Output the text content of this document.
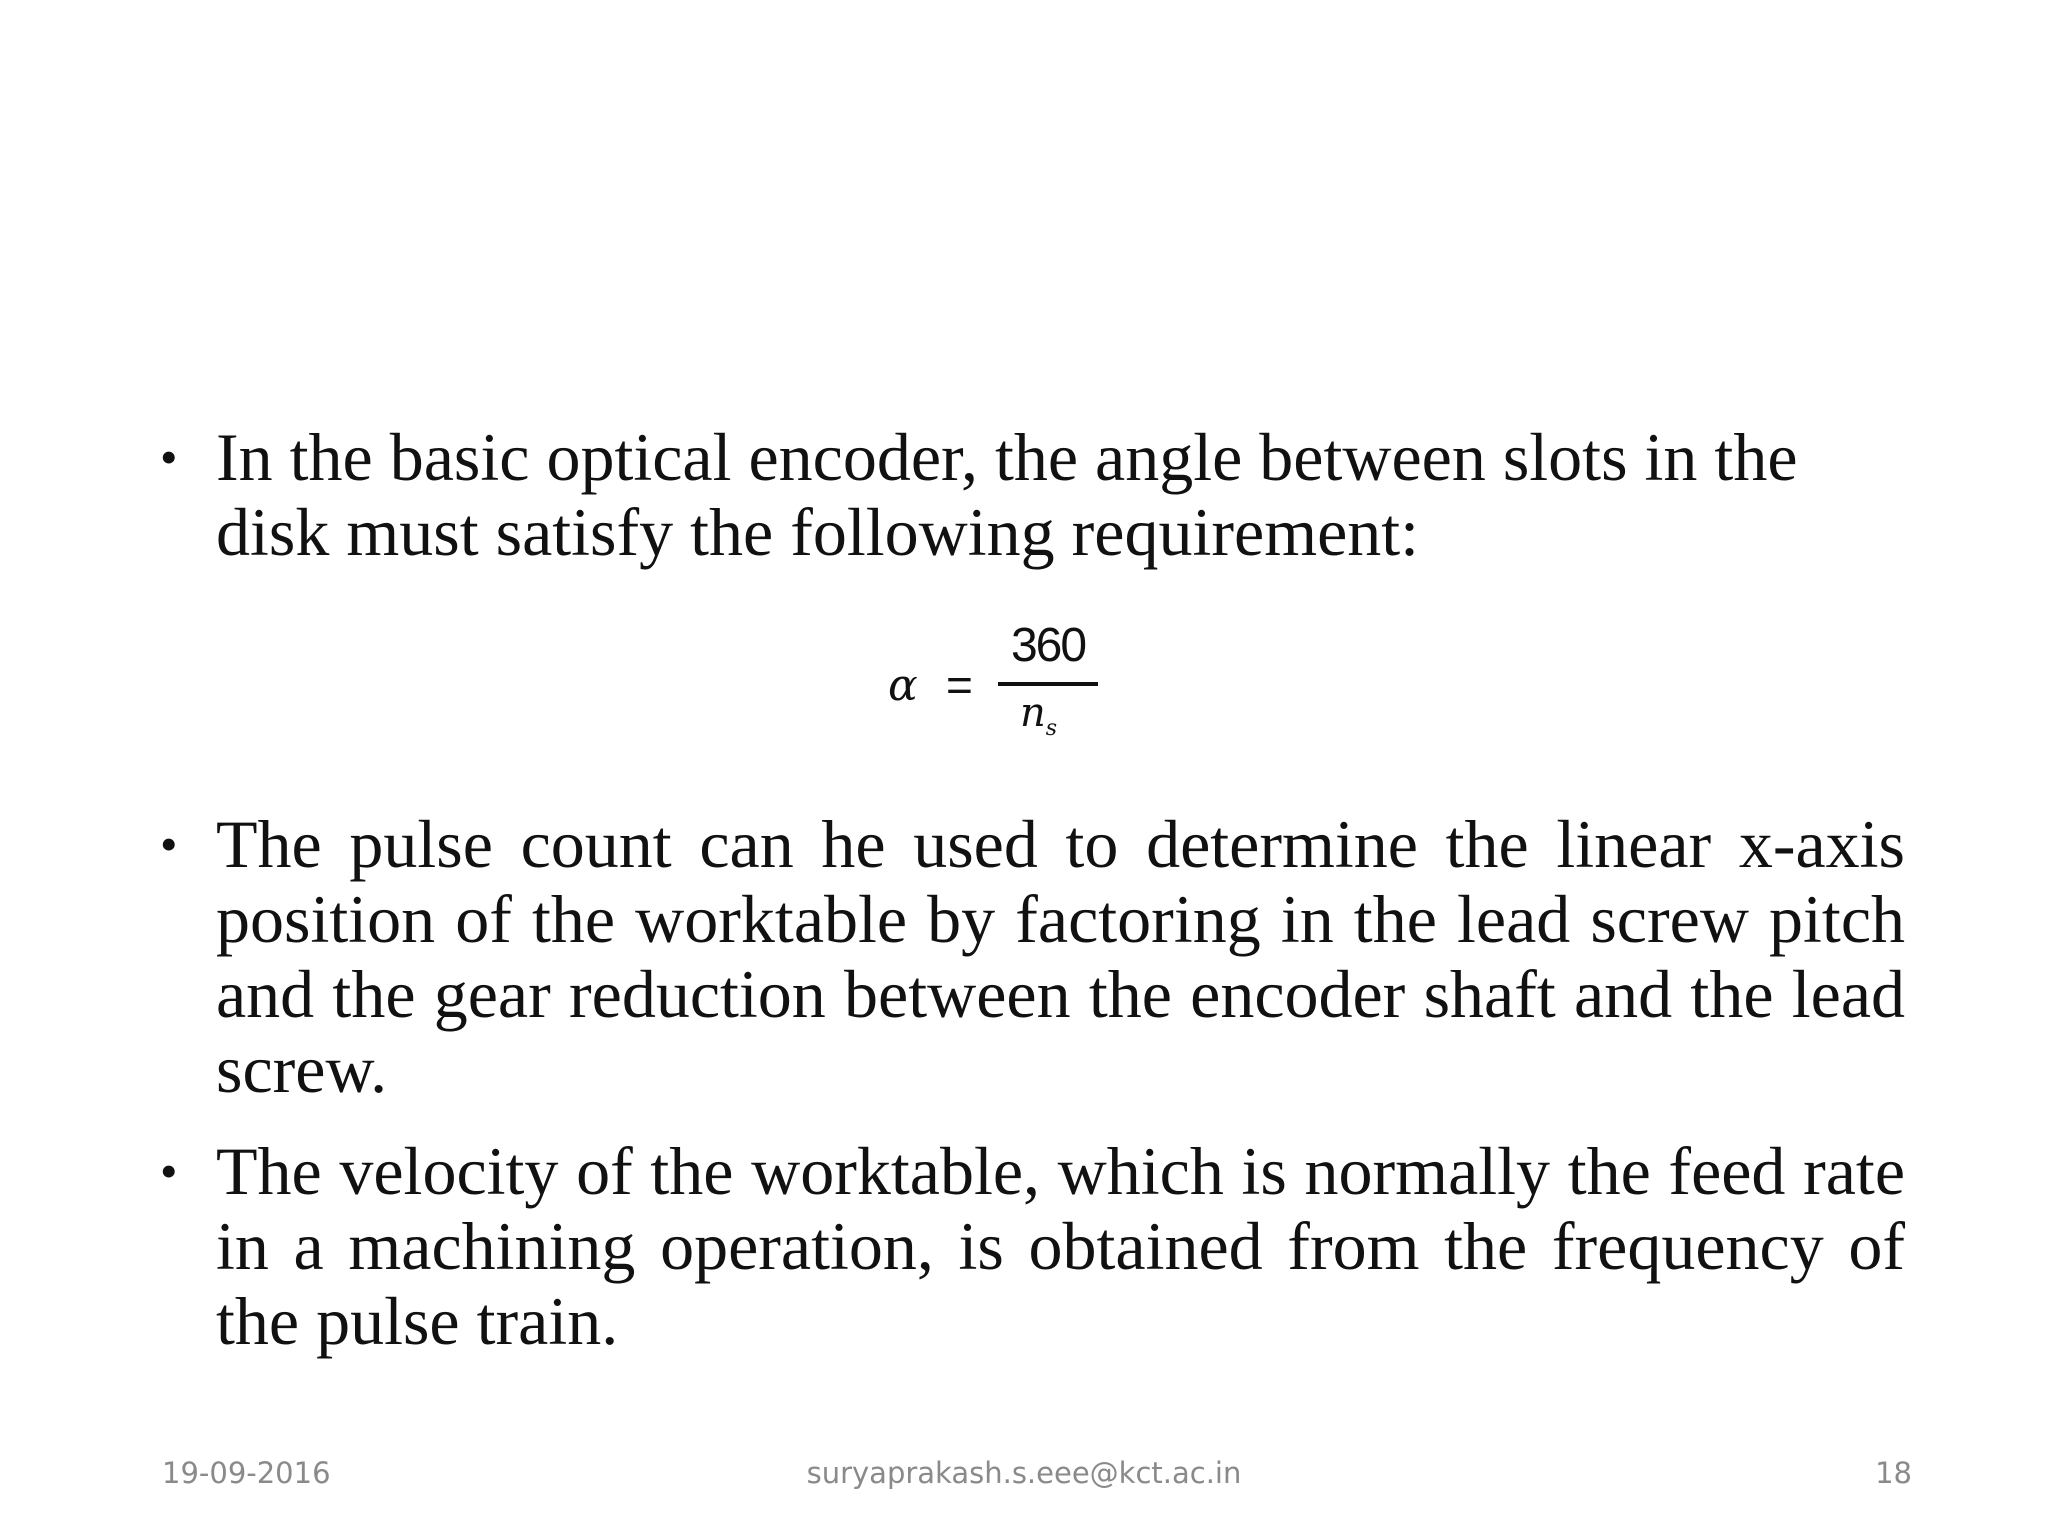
• In the basic optical encoder, the angle between slots in the disk must satisfy the following requirement:
α =
360
$n_s$
• The pulse count can he used to determine the linear x-axis position of the worktable by factoring in the lead screw pitch and the gear reduction between the encoder shaft and the lead screw.
• The velocity of the worktable, which is normally the feed rate in a machining operation, is obtained from the frequency of the pulse train.
19-09-2016	suryaprakash.s.eee@kct.ac.in	18
